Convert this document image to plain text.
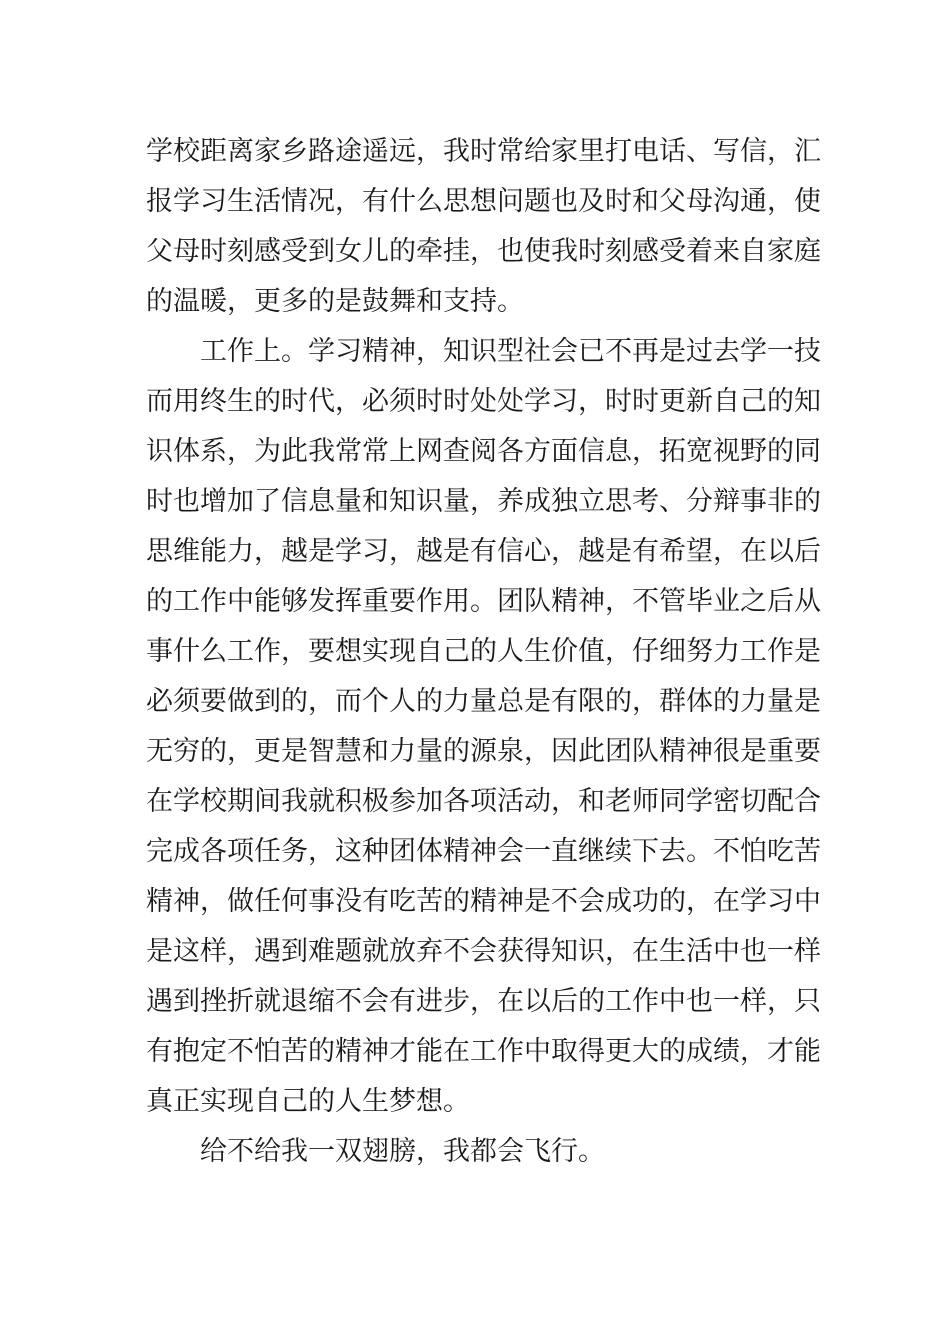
学校距离家乡路途遥远，我时常给家里打电话、写信，汇
报学习生活情况，有什么思想问题也及时和父母沟通，使
父母时刻感受到女儿的牵挂，也使我时刻感受着来自家庭
的温暖，更多的是鼓舞和支持。
工作上。学习精神，知识型社会已不再是过去学一技
而用终生的时代，必须时时处处学习，时时更新自己的知
识体系，为此我常常上网查阅各方面信息，拓宽视野的同
时也增加了信息量和知识量，养成独立思考、分辩事非的
思维能力，越是学习，越是有信心，越是有希望，在以后
的工作中能够发挥重要作用。团队精神，不管毕业之后从
事什么工作，要想实现自己的人生价值，仔细努力工作是
必须要做到的，而个人的力量总是有限的，群体的力量是
无穷的，更是智慧和力量的源泉，因此团队精神很是重要
在学校期间我就积极参加各项活动，和老师同学密切配合
完成各项任务，这种团体精神会一直继续下去。不怕吃苦
精神，做任何事没有吃苦的精神是不会成功的，在学习中
是这样，遇到难题就放弃不会获得知识，在生活中也一样
遇到挫折就退缩不会有进步，在以后的工作中也一样，只
有抱定不怕苦的精神才能在工作中取得更大的成绩，才能
真正实现自己的人生梦想。
给不给我一双翅膀，我都会飞行。
